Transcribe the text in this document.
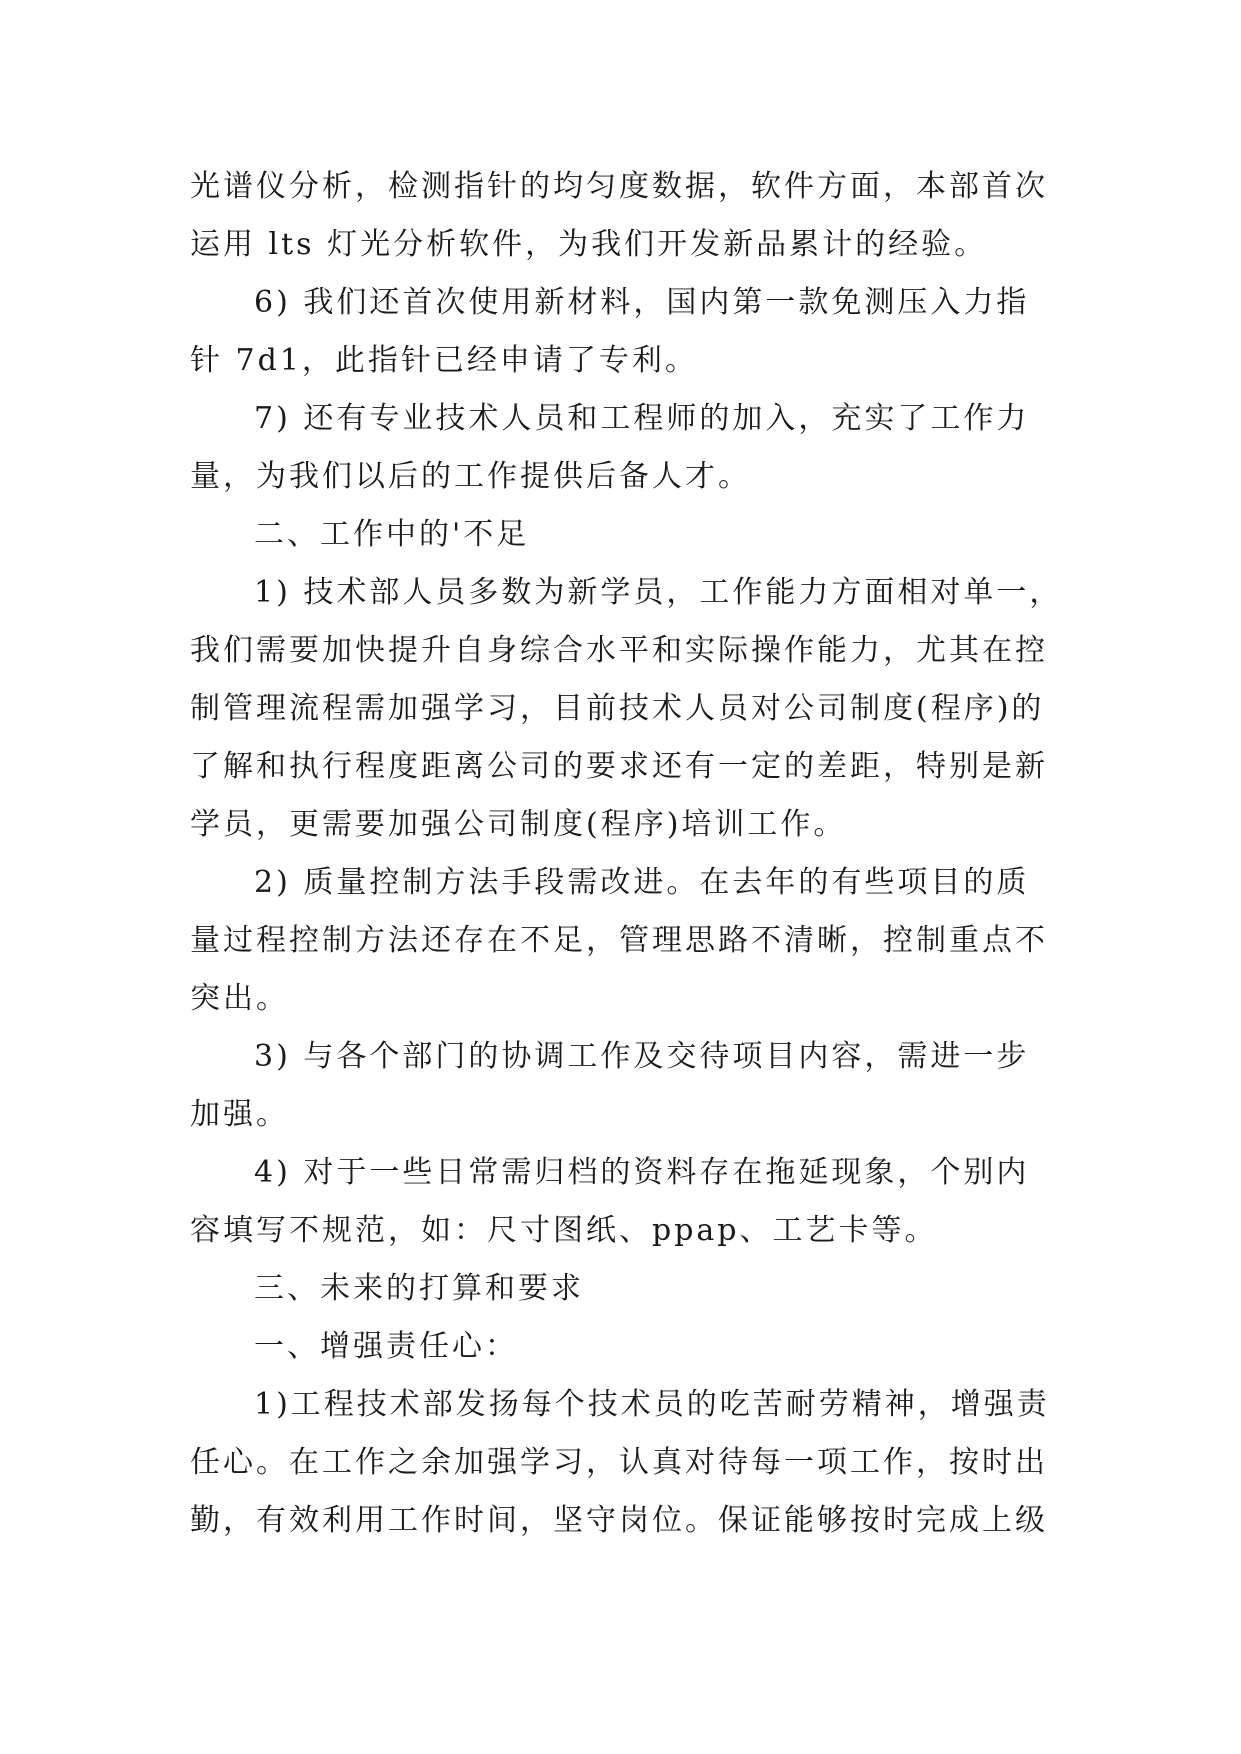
光谱仪分析，检测指针的均匀度数据，软件方面，本部首次
运用 lts 灯光分析软件，为我们开发新品累计的经验。
6) 我们还首次使用新材料，国内第一款免测压入力指
针 7d1，此指针已经申请了专利。
7) 还有专业技术人员和工程师的加入，充实了工作力
量，为我们以后的工作提供后备人才。
二、工作中的'不足
1) 技术部人员多数为新学员，工作能力方面相对单一，
我们需要加快提升自身综合水平和实际操作能力，尤其在控
制管理流程需加强学习，目前技术人员对公司制度(程序)的
了解和执行程度距离公司的要求还有一定的差距，特别是新
学员，更需要加强公司制度(程序)培训工作。
2) 质量控制方法手段需改进。在去年的有些项目的质
量过程控制方法还存在不足，管理思路不清晰，控制重点不
突出。
3) 与各个部门的协调工作及交待项目内容，需进一步
加强。
4) 对于一些日常需归档的资料存在拖延现象，个别内
容填写不规范，如：尺寸图纸、ppap、工艺卡等。
三、未来的打算和要求
一、增强责任心：
1)工程技术部发扬每个技术员的吃苦耐劳精神，增强责
任心。在工作之余加强学习，认真对待每一项工作，按时出
勤，有效利用工作时间，坚守岗位。保证能够按时完成上级
